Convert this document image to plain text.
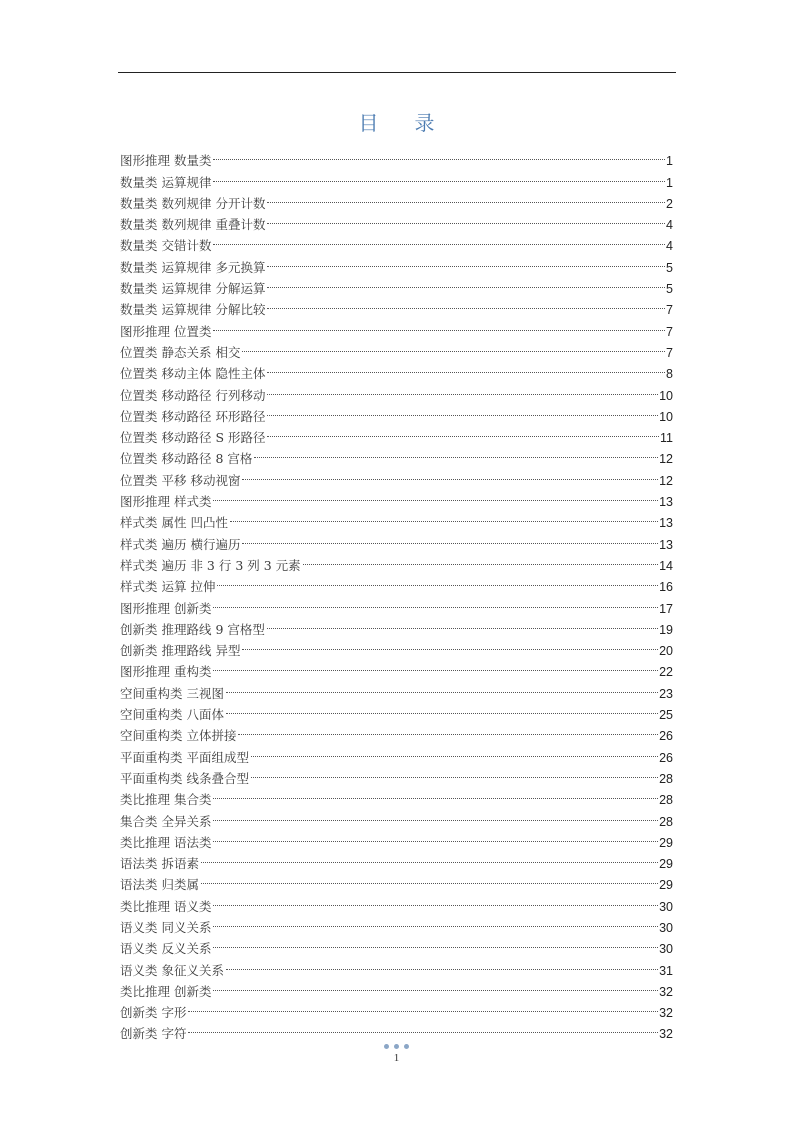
目录
图形推理 数量类	1
数量类 运算规律	1
数量类 数列规律 分开计数	2
数量类 数列规律 重叠计数	4
数量类 交错计数	4
数量类 运算规律 多元换算	5
数量类 运算规律 分解运算	5
数量类 运算规律 分解比较	7
图形推理 位置类	7
位置类 静态关系 相交	7
位置类 移动主体 隐性主体	8
位置类 移动路径 行列移动	10
位置类 移动路径 环形路径	10
位置类 移动路径 S 形路径	11
位置类 移动路径 8 宫格	12
位置类 平移 移动视窗	12
图形推理 样式类	13
样式类 属性 凹凸性	13
样式类 遍历 横行遍历	13
样式类 遍历 非 3 行 3 列 3 元素	14
样式类 运算 拉伸	16
图形推理 创新类	17
创新类 推理路线 9 宫格型	19
创新类 推理路线 异型	20
图形推理 重构类	22
空间重构类 三视图	23
空间重构类 八面体	25
空间重构类 立体拼接	26
平面重构类 平面组成型	26
平面重构类 线条叠合型	28
类比推理 集合类	28
集合类 全异关系	28
类比推理 语法类	29
语法类 拆语素	29
语法类 归类属	29
类比推理 语义类	30
语义类 同义关系	30
语义类 反义关系	30
语义类 象征义关系	31
类比推理 创新类	32
创新类 字形	32
创新类 字符	32
1
